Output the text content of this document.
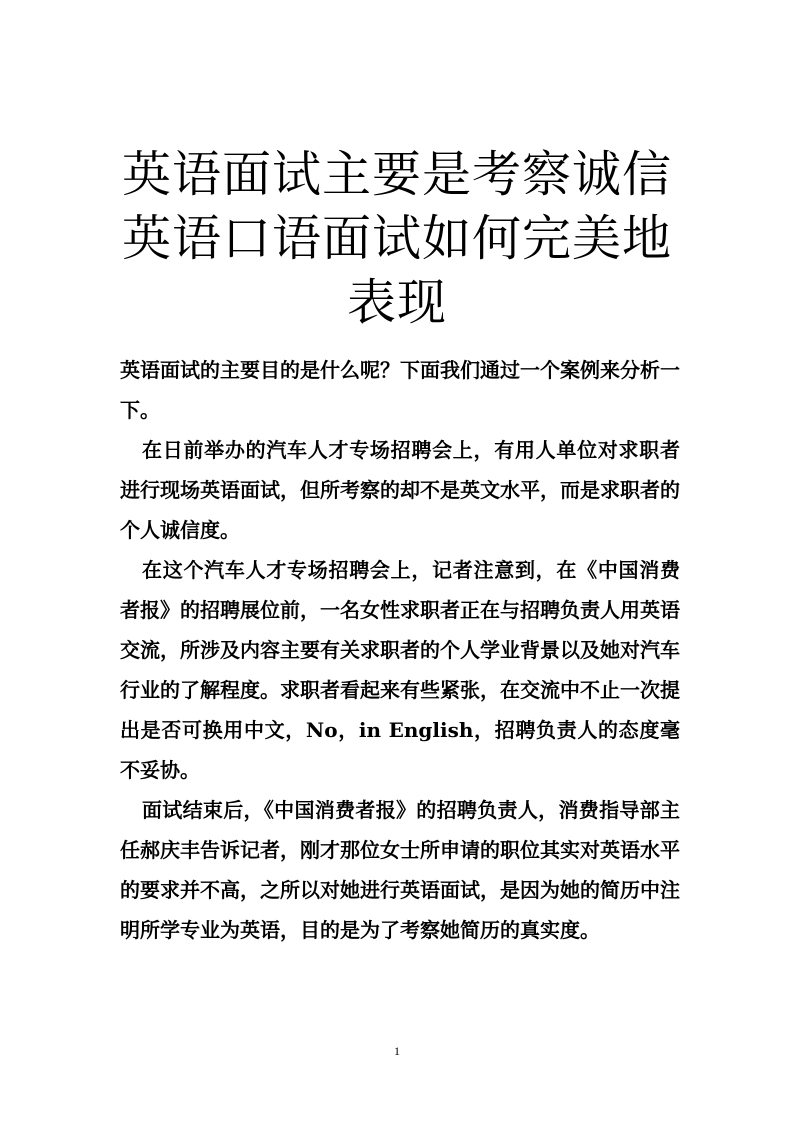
英语面试主要是考察诚信
英语口语面试如何完美地
表现

英语面试的主要目的是什么呢？下面我们通过一个案例来分析一下。

在日前举办的汽车人才专场招聘会上，有用人单位对求职者进行现场英语面试，但所考察的却不是英文水平，而是求职者的个人诚信度。

在这个汽车人才专场招聘会上，记者注意到，在《中国消费者报》的招聘展位前，一名女性求职者正在与招聘负责人用英语交流，所涉及内容主要有关求职者的个人学业背景以及她对汽车行业的了解程度。求职者看起来有些紧张，在交流中不止一次提出是否可换用中文，No，in English，招聘负责人的态度毫不妥协。

面试结束后，《中国消费者报》的招聘负责人，消费指导部主任郝庆丰告诉记者，刚才那位女士所申请的职位其实对英语水平的要求并不高，之所以对她进行英语面试，是因为她的简历中注明所学专业为英语，目的是为了考察她简历的真实度。

1
